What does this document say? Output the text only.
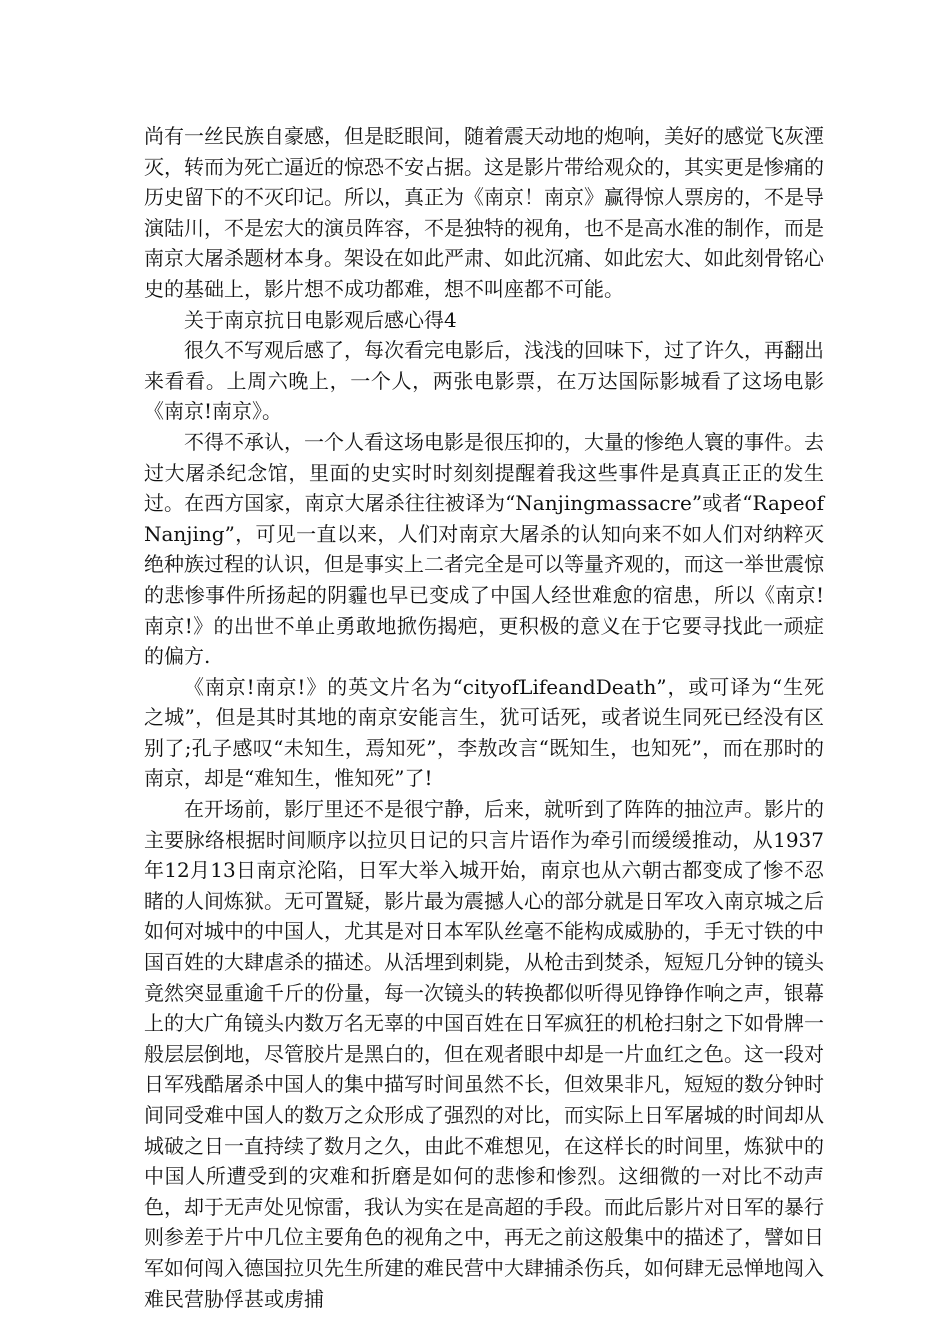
尚有一丝民族自豪感，但是眨眼间，随着震天动地的炮响，美好的感觉飞灰湮灭，转而为死亡逼近的惊恐不安占据。这是影片带给观众的，其实更是惨痛的历史留下的不灭印记。所以，真正为《南京！南京》赢得惊人票房的，不是导演陆川，不是宏大的演员阵容，不是独特的视角，也不是高水准的制作，而是南京大屠杀题材本身。架设在如此严肃、如此沉痛、如此宏大、如此刻骨铭心史的基础上，影片想不成功都难，想不叫座都不可能。

关于南京抗日电影观后感心得4

很久不写观后感了，每次看完电影后，浅浅的回味下，过了许久，再翻出来看看。上周六晚上，一个人，两张电影票，在万达国际影城看了这场电影《南京!南京》。

不得不承认，一个人看这场电影是很压抑的，大量的惨绝人寰的事件。去过大屠杀纪念馆，里面的史实时时刻刻提醒着我这些事件是真真正正的发生过。在西方国家，南京大屠杀往往被译为“Nanjingmassacre”或者“RapeofNanjing”，可见一直以来，人们对南京大屠杀的认知向来不如人们对纳粹灭绝种族过程的认识，但是事实上二者完全是可以等量齐观的，而这一举世震惊的悲惨事件所扬起的阴霾也早已变成了中国人经世难愈的宿患，所以《南京!南京!》的出世不单止勇敢地掀伤揭疤，更积极的意义在于它要寻找此一顽症的偏方.

《南京!南京!》的英文片名为“cityofLifeandDeath”，或可译为“生死之城”，但是其时其地的南京安能言生，犹可话死，或者说生同死已经没有区别了;孔子感叹“未知生，焉知死”，李敖改言“既知生，也知死”，而在那时的南京，却是“难知生，惟知死”了!

在开场前，影厅里还不是很宁静，后来，就听到了阵阵的抽泣声。影片的主要脉络根据时间顺序以拉贝日记的只言片语作为牵引而缓缓推动，从1937年12月13日南京沦陷，日军大举入城开始，南京也从六朝古都变成了惨不忍睹的人间炼狱。无可置疑，影片最为震撼人心的部分就是日军攻入南京城之后如何对城中的中国人，尤其是对日本军队丝毫不能构成威胁的，手无寸铁的中国百姓的大肆虐杀的描述。从活埋到刺毙，从枪击到焚杀，短短几分钟的镜头竟然突显重逾千斤的份量，每一次镜头的转换都似听得见铮铮作响之声，银幕上的大广角镜头内数万名无辜的中国百姓在日军疯狂的机枪扫射之下如骨牌一般层层倒地，尽管胶片是黑白的，但在观者眼中却是一片血红之色。这一段对日军残酷屠杀中国人的集中描写时间虽然不长，但效果非凡，短短的数分钟时间同受难中国人的数万之众形成了强烈的对比，而实际上日军屠城的时间却从城破之日一直持续了数月之久，由此不难想见，在这样长的时间里，炼狱中的中国人所遭受到的灾难和折磨是如何的悲惨和惨烈。这细微的一对比不动声色，却于无声处见惊雷，我认为实在是高超的手段。而此后影片对日军的暴行则参差于片中几位主要角色的视角之中，再无之前这般集中的描述了，譬如日军如何闯入德国拉贝先生所建的难民营中大肆捕杀伤兵，如何肆无忌惮地闯入难民营胁俘甚或虏捕
